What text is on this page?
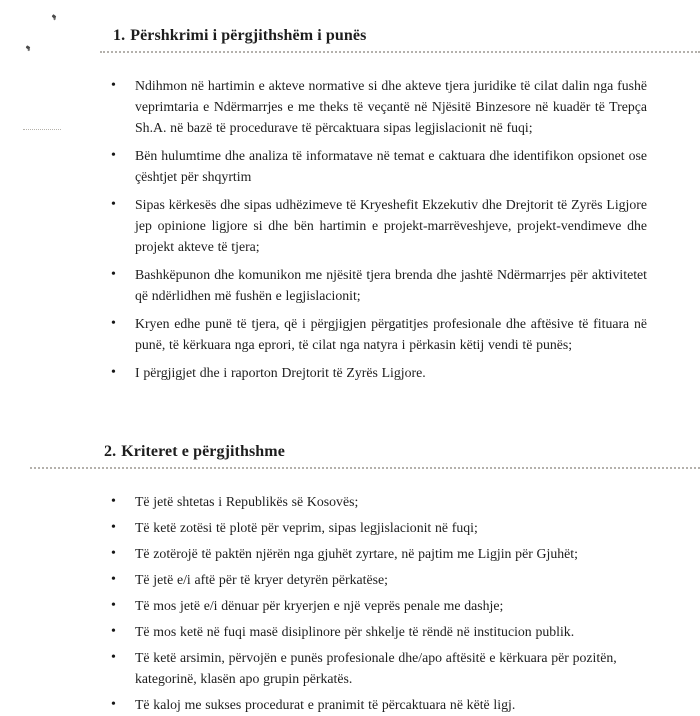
1. Përshkrimi i përgjithshëm i punës
•	Ndihmon në hartimin e akteve normative si dhe akteve tjera juridike të cilat dalin nga fushë veprimtaria e Ndërmarrjes e me theks të veçantë në Njësitë Binzesore në kuadër të Trepça Sh.A. në bazë të procedurave të përcaktuara sipas legjislacionit në fuqi;
•	Bën hulumtime dhe analiza të informatave në temat e caktuara dhe identifikon opsionet ose çështjet për shqyrtim
•	Sipas kërkesës dhe sipas udhëzimeve të Kryeshefit Ekzekutiv dhe Drejtorit të Zyrës Ligjore jep opinione ligjore si dhe bën hartimin e projekt-marrëveshjeve, projekt-vendimeve dhe projekt akteve të tjera;
•	Bashkëpunon dhe komunikon me njësitë tjera brenda dhe jashtë Ndërmarrjes për aktivitetet që ndërlidhen më fushën e legjislacionit;
•	Kryen edhe punë të tjera, që i përgjigjen përgatitjes profesionale dhe aftësive të fituara në punë, të kërkuara nga eprori, të cilat nga natyra i përkasin këtij vendi të punës;
•	I përgjigjet dhe i raporton Drejtorit të Zyrës Ligjore.
2. Kriteret e përgjithshme
•	Të jetë shtetas i Republikës së Kosovës;
•	Të ketë zotësi të plotë për veprim, sipas legjislacionit në fuqi;
•	Të zotërojë të paktën njërën nga gjuhët zyrtare, në pajtim me Ligjin për Gjuhët;
•	Të jetë e/i aftë për të kryer detyrën përkatëse;
•	Të mos jetë e/i dënuar për kryerjen e një veprës penale me dashje;
•	Të mos ketë në fuqi masë disiplinore për shkelje të rëndë në institucion publik.
•	Të ketë arsimin, përvojën e punës profesionale dhe/apo aftësitë e kërkuara për pozitën, kategorinë, klasën apo grupin përkatës.
•	Të kaloj me sukses procedurat e pranimit të përcaktuara në këtë ligj.
